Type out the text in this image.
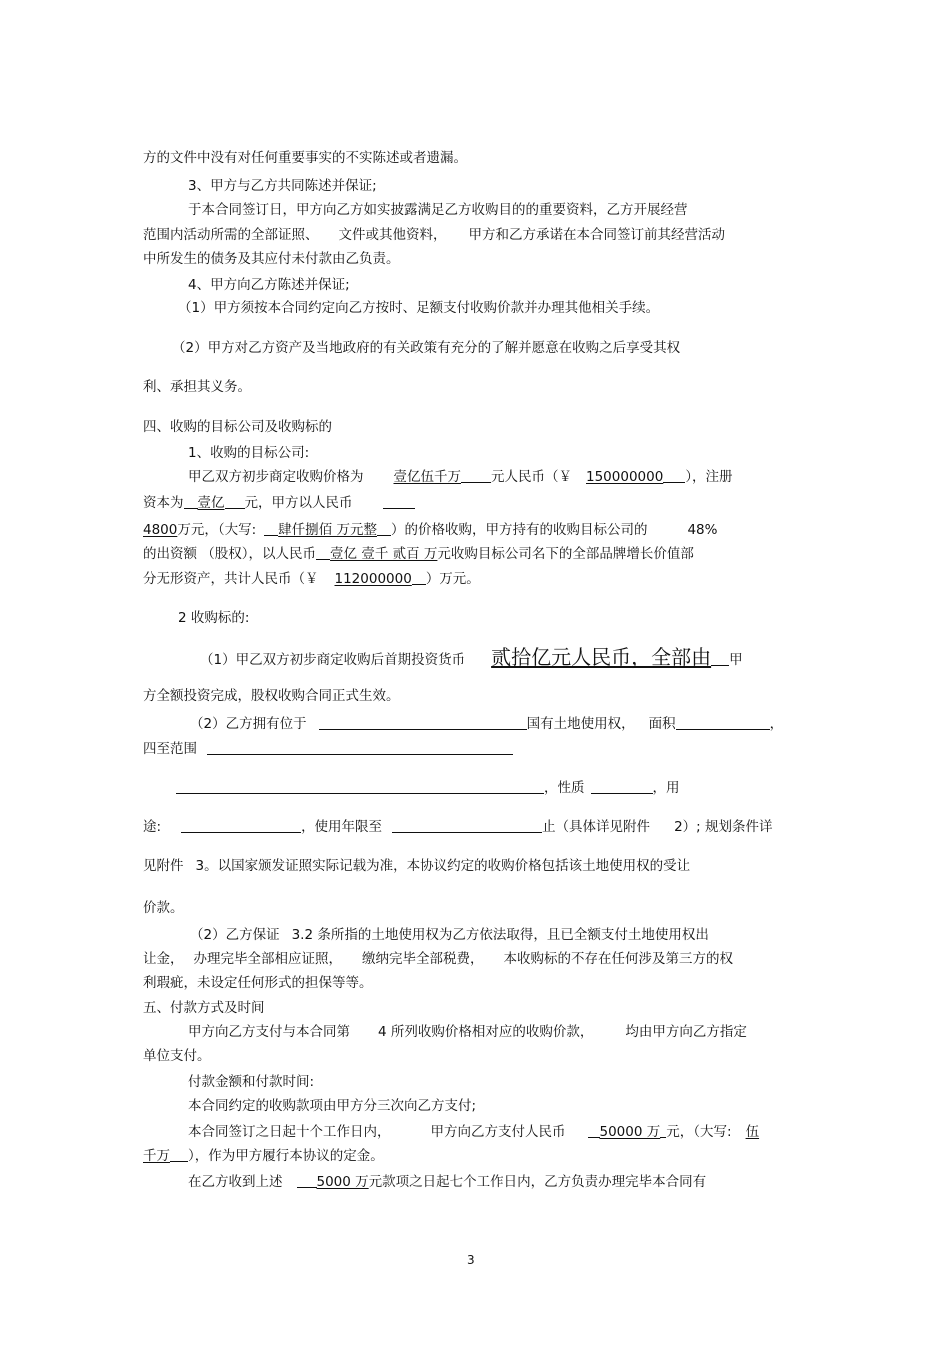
方的文件中没有对任何重要事实的不实陈述或者遗漏。
3、甲方与乙方共同陈述并保证;
于本合同签订日，甲方向乙方如实披露满足乙方收购目的的重要资料，乙方开展经营
范围内活动所需的全部证照、 文件或其他资料， 甲方和乙方承诺在本合同签订前其经营活动
中所发生的债务及其应付未付款由乙负责。
4、甲方向乙方陈述并保证;
（1）甲方须按本合同约定向乙方按时、足额支付收购价款并办理其他相关手续。
（2）甲方对乙方资产及当地政府的有关政策有充分的了解并愿意在收购之后享受其权
利、承担其义务。
四、收购的目标公司及收购标的
1、收购的目标公司:
甲乙双方初步商定收购价格为 壹亿伍千万 元人民币（￥ 150000000 ），注册
资本为 壹亿 元，甲方以人民币
4800万元，（大写: 肆仟捌佰 万元整 ）的价格收购，甲方持有的收购目标公司的	48%
的出资额 （股权），以人民币 壹亿 壹千 贰百 万元收购目标公司名下的全部品牌增长价值部
分无形资产，共计人民币（￥ 112000000 ）万元。
2 收购标的:
（1）甲乙双方初步商定收购后首期投资货币 贰拾亿元人民币，全部由 甲
方全额投资完成，股权收购合同正式生效。
（2）乙方拥有位于	国有土地使用权， 面积	，
四至范围
，性质	，用
途:	，使用年限至	止（具体详见附件 2）; 规划条件详
见附件 3。以国家颁发证照实际记载为准，本协议约定的收购价格包括该土地使用权的受让
价款。
（2）乙方保证 3.2 条所指的土地使用权为乙方依法取得，且已全额支付土地使用权出
让金， 办理完毕全部相应证照， 缴纳完毕全部税费， 本收购标的不存在任何涉及第三方的权
利瑕疵，未设定任何形式的担保等等。
五、付款方式及时间
甲方向乙方支付与本合同第 4 所列收购价格相对应的收购价款， 均由甲方向乙方指定
单位支付。
付款金额和付款时间:
本合同约定的收购款项由甲方分三次向乙方支付;
本合同签订之日起十个工作日内，	甲方向乙方支付人民币	50000 万 元，（大写: 伍
千万 ），作为甲方履行本协议的定金。
在乙方收到上述	5000 万元款项之日起七个工作日内，乙方负责办理完毕本合同有
3
